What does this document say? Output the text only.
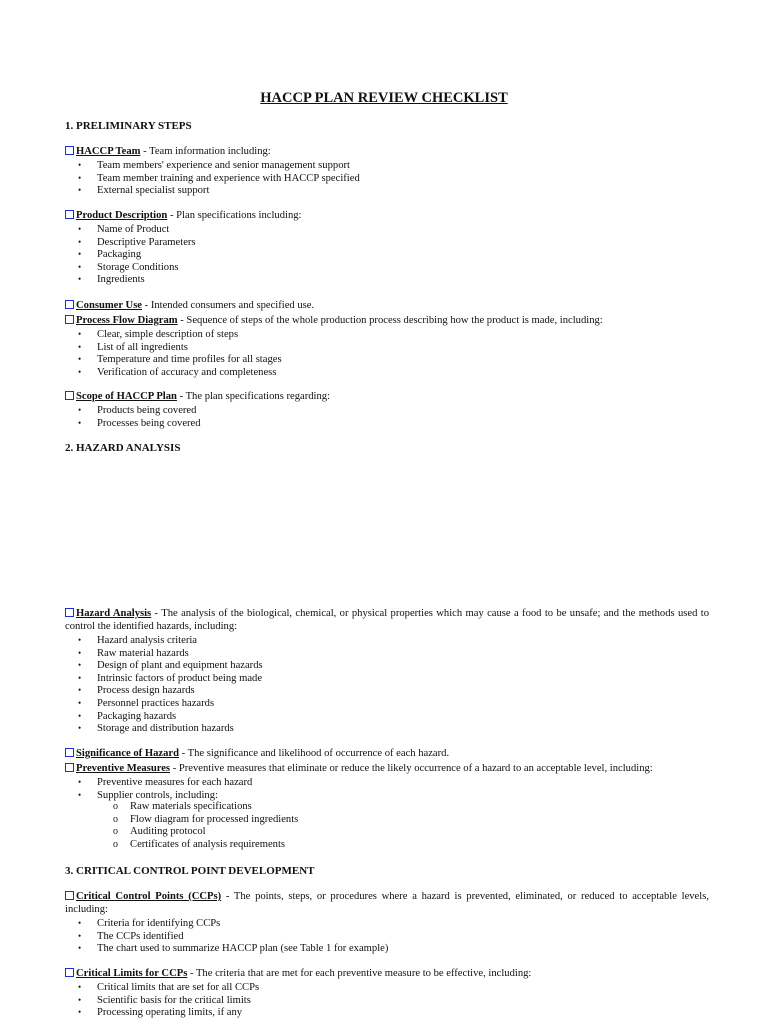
HACCP PLAN REVIEW CHECKLIST
1. PRELIMINARY STEPS
HACCP Team - Team information including:
• Team members' experience and senior management support
• Team member training and experience with HACCP specified
• External specialist support
Product Description - Plan specifications including:
• Name of Product
• Descriptive Parameters
• Packaging
• Storage Conditions
• Ingredients
Consumer Use - Intended consumers and specified use.
Process Flow Diagram - Sequence of steps of the whole production process describing how the product is made, including:
• Clear, simple description of steps
• List of all ingredients
• Temperature and time profiles for all stages
• Verification of accuracy and completeness
Scope of HACCP Plan - The plan specifications regarding:
• Products being covered
• Processes being covered
2. HAZARD ANALYSIS
Hazard Analysis - The analysis of the biological, chemical, or physical properties which may cause a food to be unsafe; and the methods used to control the identified hazards, including:
• Hazard analysis criteria
• Raw material hazards
• Design of plant and equipment hazards
• Intrinsic factors of product being made
• Process design hazards
• Personnel practices hazards
• Packaging hazards
• Storage and distribution hazards
Significance of Hazard - The significance and likelihood of occurrence of each hazard.
Preventive Measures - Preventive measures that eliminate or reduce the likely occurrence of a hazard to an acceptable level, including:
• Preventive measures for each hazard
• Supplier controls, including:
o Raw materials specifications
o Flow diagram for processed ingredients
o Auditing protocol
o Certificates of analysis requirements
3. CRITICAL CONTROL POINT DEVELOPMENT
Critical Control Points (CCPs) - The points, steps, or procedures where a hazard is prevented, eliminated, or reduced to acceptable levels, including:
• Criteria for identifying CCPs
• The CCPs identified
• The chart used to summarize HACCP plan (see Table 1 for example)
Critical Limits for CCPs - The criteria that are met for each preventive measure to be effective, including:
• Critical limits that are set for all CCPs
• Scientific basis for the critical limits
• Processing operating limits, if any
